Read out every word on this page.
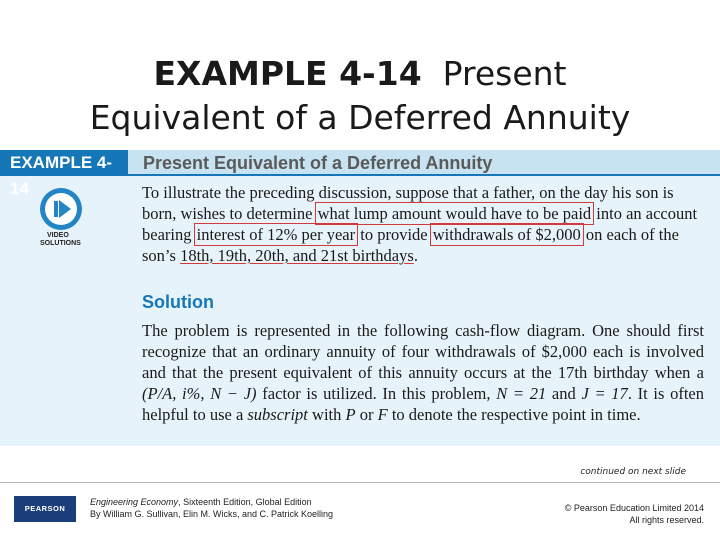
EXAMPLE 4-14 Present
Equivalent of a Deferred Annuity
EXAMPLE 4-14
Present Equivalent of a Deferred Annuity
VIDEO
SOLUTIONS
To illustrate the preceding discussion, suppose that a father, on the day his son is born, wishes to determine what lump amount would have to be paid into an account bearing interest of 12% per year to provide withdrawals of $2,000 on each of the son’s 18th, 19th, 20th, and 21st birthdays.
Solution
The problem is represented in the following cash-flow diagram. One should first recognize that an ordinary annuity of four withdrawals of $2,000 each is involved and that the present equivalent of this annuity occurs at the 17th birthday when a (P/A, i%, N − J) factor is utilized. In this problem, N = 21 and J = 17. It is often helpful to use a subscript with P or F to denote the respective point in time.
continued on next slide
PEARSON
Engineering Economy, Sixteenth Edition, Global Edition
By William G. Sullivan, Elin M. Wicks, and C. Patrick Koelling
© Pearson Education Limited 2014
All rights reserved.
